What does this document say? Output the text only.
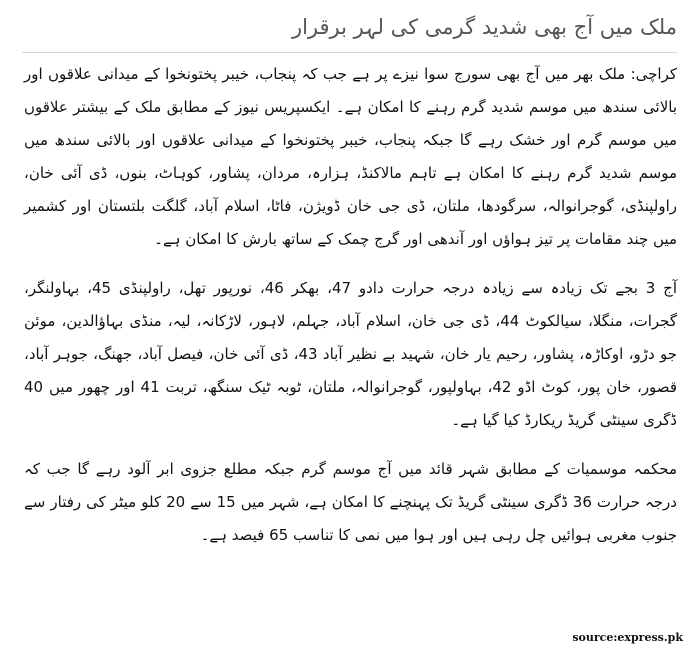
ملک میں آج بھی شدید گرمی کی لہر برقرار

کراچی: ملک بھر میں آج بھی سورج سوا نیزے پر ہے جب کہ پنجاب، خیبر پختونخوا کے میدانی علاقوں اور بالائی سندھ میں موسم شدید گرم رہنے کا امکان ہے۔ ایکسپریس نیوز کے مطابق ملک کے بیشتر علاقوں میں موسم گرم اور خشک رہے گا جبکہ پنجاب، خیبر پختونخوا کے میدانی علاقوں اور بالائی سندھ میں موسم شدید گرم رہنے کا امکان ہے تاہم مالاکنڈ، ہزارہ، مردان، پشاور، کوہاٹ، بنوں، ڈی آئی خان، راولپنڈی، گوجرانوالہ، سرگودھا، ملتان، ڈی جی خان ڈویژن، فاٹا، اسلام آباد، گلگت بلتستان اور کشمیر میں چند مقامات پر تیز ہواؤں اور آندھی اور گرج چمک کے ساتھ بارش کا امکان ہے۔

آج 3 بجے تک زیادہ سے زیادہ درجہ حرارت دادو 47، بھکر 46، نورپور تھل، راولپنڈی 45، بہاولنگر، گجرات، منگلا، سیالکوٹ 44، ڈی جی خان، اسلام آباد، جہلم، لاہور، لاڑکانہ، لیہ، منڈی بہاؤالدین، موئن جو دڑو، اوکاڑہ، پشاور، رحیم یار خان، شہید بے نظیر آباد 43، ڈی آئی خان، فیصل آباد، جھنگ، جوہر آباد، قصور، خان پور، کوٹ اڈو 42، بہاولپور، گوجرانوالہ، ملتان، ٹوبہ ٹیک سنگھ، تربت 41 اور چھور میں 40 ڈگری سینٹی گریڈ ریکارڈ کیا گیا ہے۔

محکمہ موسمیات کے مطابق شہر قائد میں آج موسم گرم جبکہ مطلع جزوی ابر آلود رہے گا جب کہ درجہ حرارت 36 ڈگری سینٹی گریڈ تک پہنچنے کا امکان ہے، شہر میں 15 سے 20 کلو میٹر کی رفتار سے جنوب مغربی ہوائیں چل رہی ہیں اور ہوا میں نمی کا تناسب 65 فیصد ہے۔

source:express.pk
